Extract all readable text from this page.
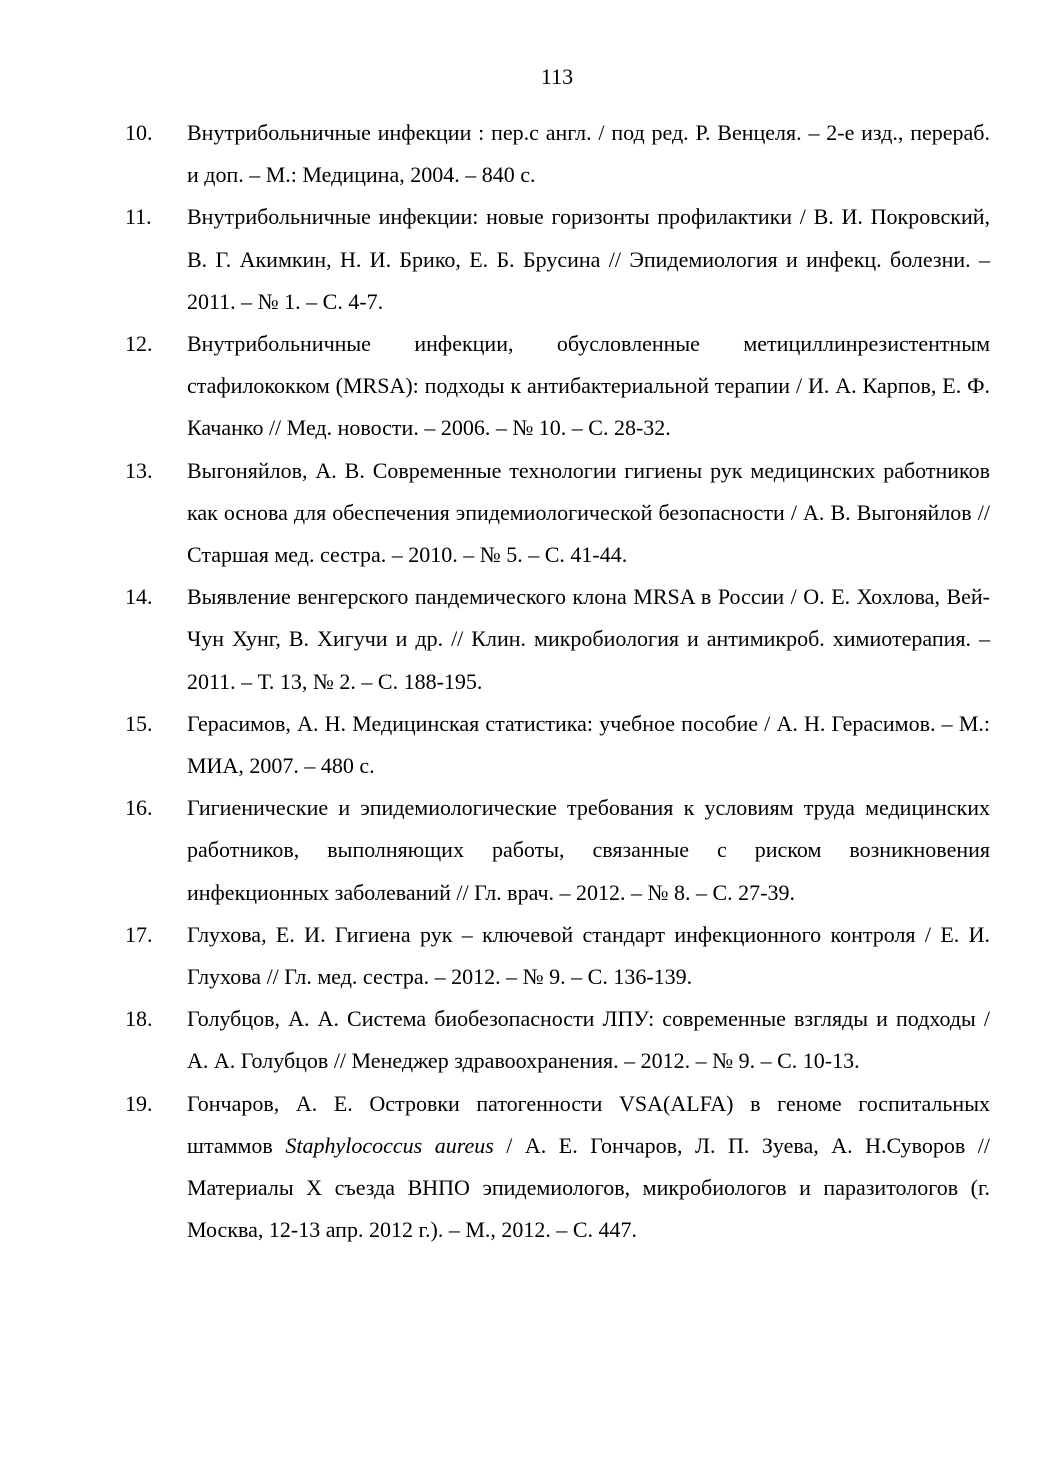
113
10.	Внутрибольничные инфекции : пер.с англ. / под ред. Р. Венцеля. – 2-е изд., перераб. и доп. – М.: Медицина, 2004. – 840 с.
11.	Внутрибольничные инфекции: новые горизонты профилактики / В. И. Покровский, В. Г. Акимкин, Н. И. Брико, Е. Б. Брусина // Эпидемиология и инфекц. болезни. – 2011. – № 1. – С. 4-7.
12.	Внутрибольничные инфекции, обусловленные метициллинрезистентным стафилококком (MRSA): подходы к антибактериальной терапии / И. А. Карпов, Е. Ф. Качанко // Мед. новости. – 2006. – № 10. – С. 28-32.
13.	Выгоняйлов, А. В. Современные технологии гигиены рук медицинских работников как основа для обеспечения эпидемиологической безопасности / А. В. Выгоняйлов // Старшая мед. сестра. – 2010. – № 5. – С. 41-44.
14.	Выявление венгерского пандемического клона MRSA в России / О. Е. Хохлова, Вей-Чун Хунг, В. Хигучи и др. // Клин. микробиология и антимикроб. химиотерапия. – 2011. – Т. 13, № 2. – С. 188-195.
15.	Герасимов, А. Н. Медицинская статистика: учебное пособие / А. Н. Герасимов. – М.: МИА, 2007. – 480 с.
16.	Гигиенические и эпидемиологические требования к условиям труда медицинских работников, выполняющих работы, связанные с риском возникновения инфекционных заболеваний // Гл. врач. – 2012. – № 8. – С. 27-39.
17.	Глухова, Е. И. Гигиена рук – ключевой стандарт инфекционного контроля / Е. И. Глухова // Гл. мед. сестра. – 2012. – № 9. – С. 136-139.
18.	Голубцов, А. А. Система биобезопасности ЛПУ: современные взгляды и подходы / А. А. Голубцов // Менеджер здравоохранения. – 2012. – № 9. – С. 10-13.
19.	Гончаров, А. Е. Островки патогенности VSA(ALFA) в геноме госпитальных штаммов Staphylococcus aureus / А. Е. Гончаров, Л. П. Зуева, А. Н.Суворов // Материалы X съезда ВНПО эпидемиологов, микробиологов и паразитологов (г. Москва, 12-13 апр. 2012 г.). – М., 2012. – С. 447.
